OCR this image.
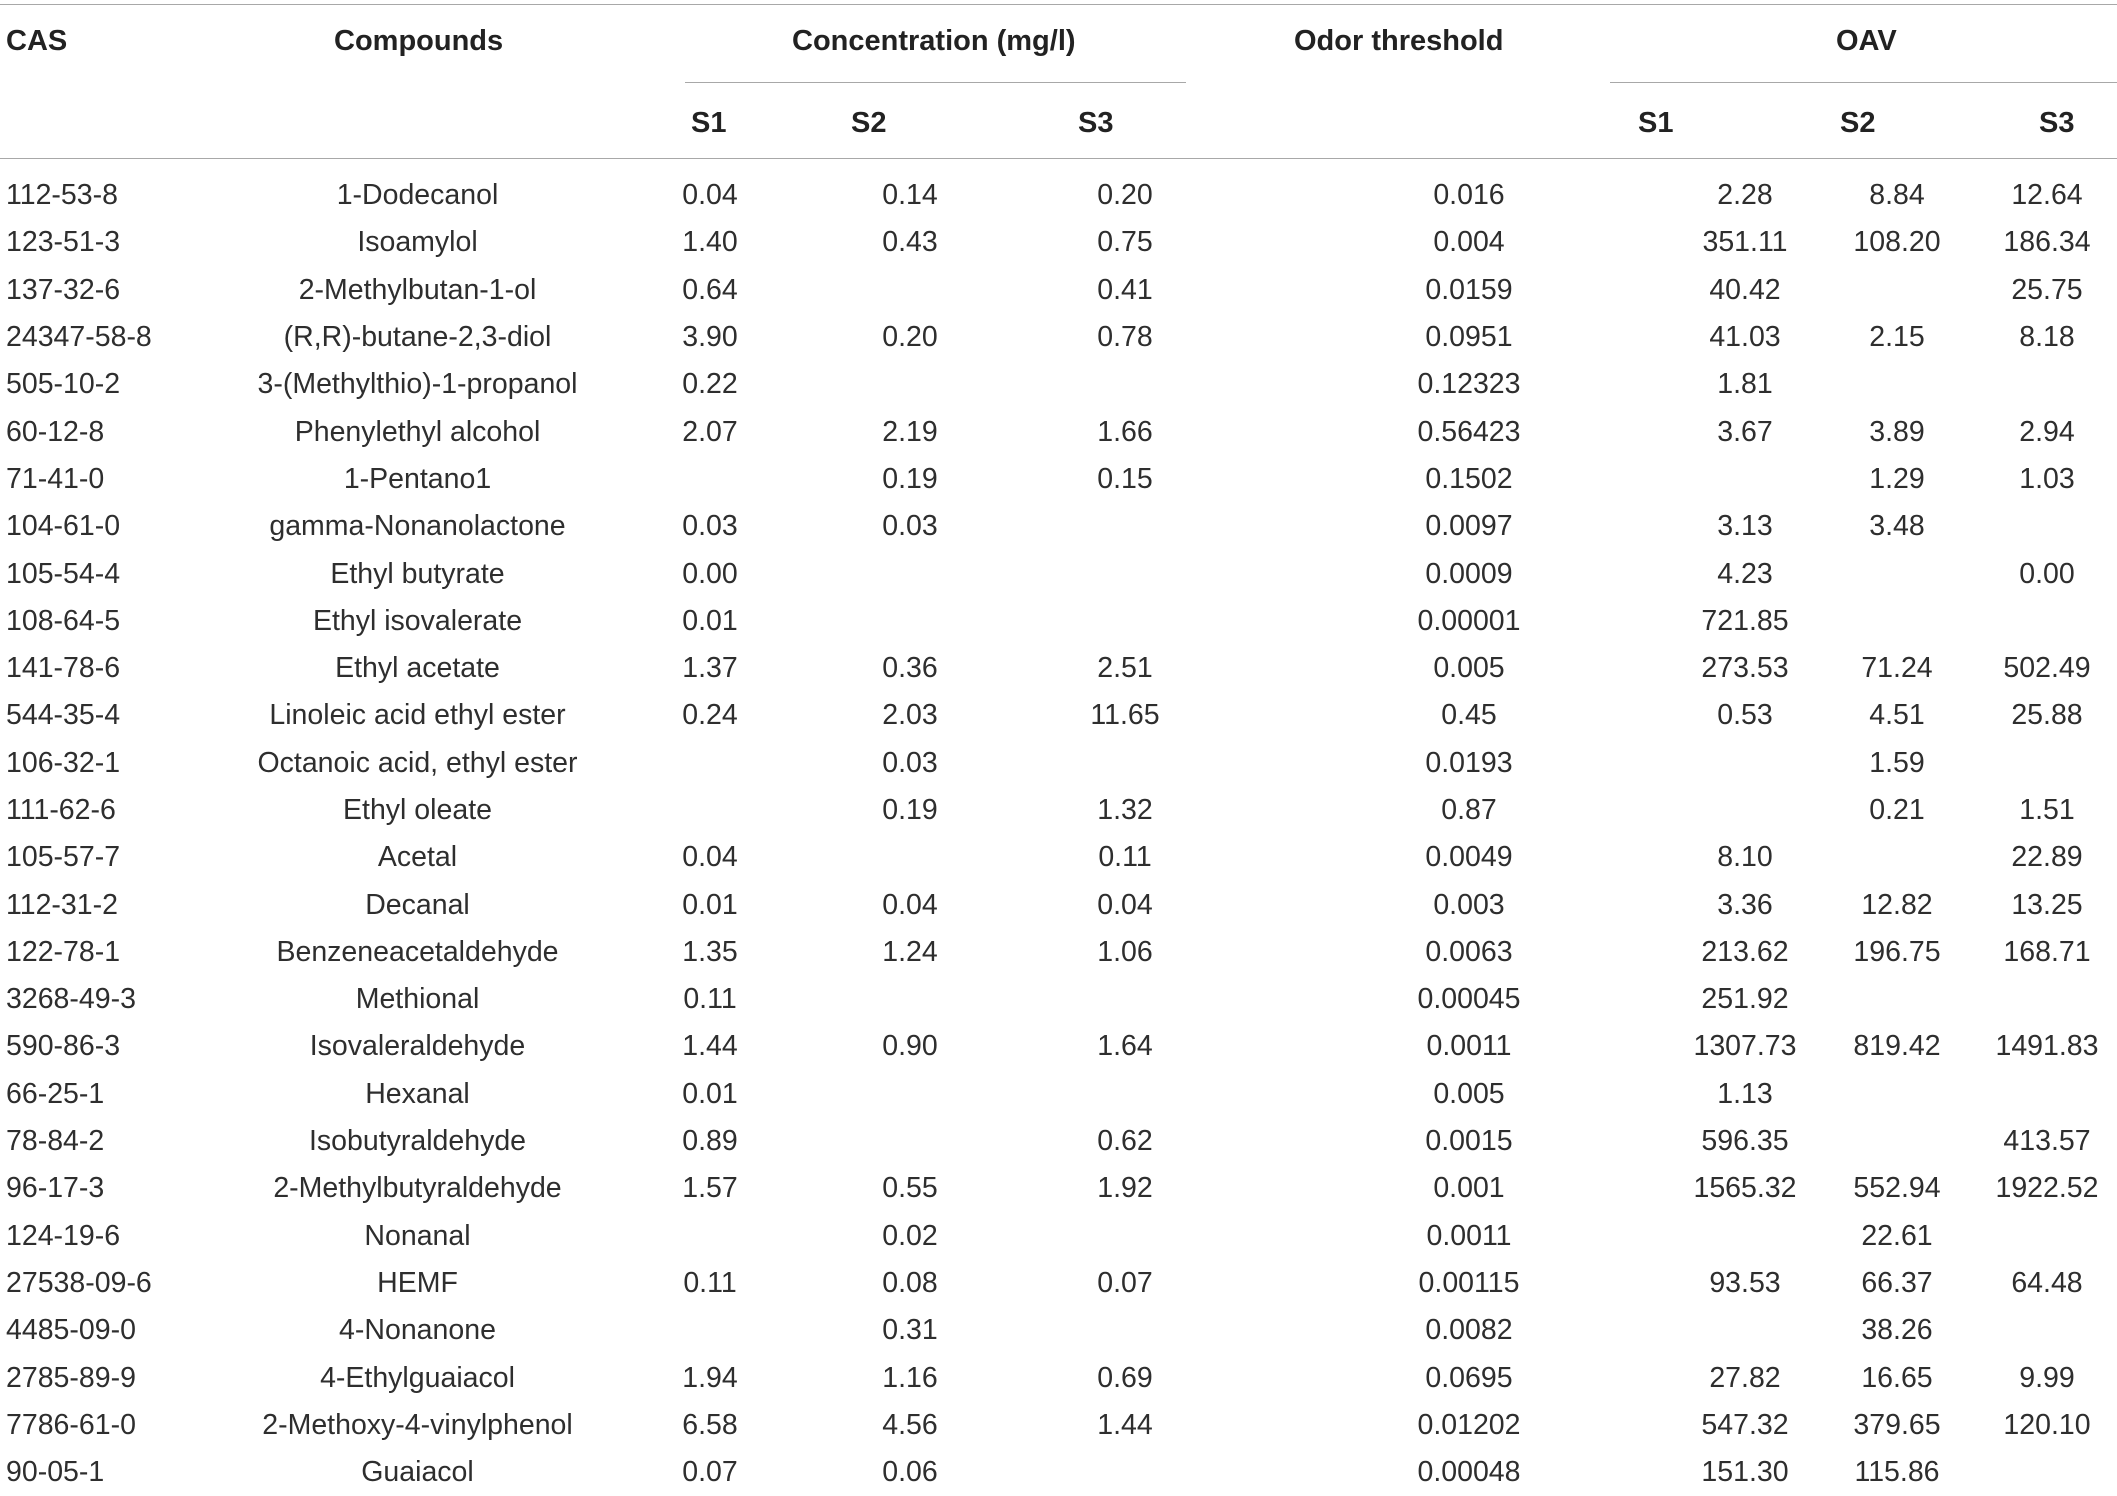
CAS	Compounds	Concentration (mg/l)	Odor threshold	OAV
S1	S2	S3	S1	S2	S3
112-53-8	1-Dodecanol	0.04	0.14	0.20	0.016	2.28	8.84	12.64
123-51-3	Isoamylol	1.40	0.43	0.75	0.004	351.11	108.20	186.34
137-32-6	2-Methylbutan-1-ol	0.64		0.41	0.0159	40.42		25.75
24347-58-8	(R,R)-butane-2,3-diol	3.90	0.20	0.78	0.0951	41.03	2.15	8.18
505-10-2	3-(Methylthio)-1-propanol	0.22			0.12323	1.81		
60-12-8	Phenylethyl alcohol	2.07	2.19	1.66	0.56423	3.67	3.89	2.94
71-41-0	1-Pentano1		0.19	0.15	0.1502		1.29	1.03
104-61-0	gamma-Nonanolactone	0.03	0.03		0.0097	3.13	3.48	
105-54-4	Ethyl butyrate	0.00			0.0009	4.23		0.00
108-64-5	Ethyl isovalerate	0.01			0.00001	721.85		
141-78-6	Ethyl acetate	1.37	0.36	2.51	0.005	273.53	71.24	502.49
544-35-4	Linoleic acid ethyl ester	0.24	2.03	11.65	0.45	0.53	4.51	25.88
106-32-1	Octanoic acid, ethyl ester		0.03		0.0193		1.59	
111-62-6	Ethyl oleate		0.19	1.32	0.87		0.21	1.51
105-57-7	Acetal	0.04		0.11	0.0049	8.10		22.89
112-31-2	Decanal	0.01	0.04	0.04	0.003	3.36	12.82	13.25
122-78-1	Benzeneacetaldehyde	1.35	1.24	1.06	0.0063	213.62	196.75	168.71
3268-49-3	Methional	0.11			0.00045	251.92		
590-86-3	Isovaleraldehyde	1.44	0.90	1.64	0.0011	1307.73	819.42	1491.83
66-25-1	Hexanal	0.01			0.005	1.13		
78-84-2	Isobutyraldehyde	0.89		0.62	0.0015	596.35		413.57
96-17-3	2-Methylbutyraldehyde	1.57	0.55	1.92	0.001	1565.32	552.94	1922.52
124-19-6	Nonanal		0.02		0.0011		22.61	
27538-09-6	HEMF	0.11	0.08	0.07	0.00115	93.53	66.37	64.48
4485-09-0	4-Nonanone		0.31		0.0082		38.26	
2785-89-9	4-Ethylguaiacol	1.94	1.16	0.69	0.0695	27.82	16.65	9.99
7786-61-0	2-Methoxy-4-vinylphenol	6.58	4.56	1.44	0.01202	547.32	379.65	120.10
90-05-1	Guaiacol	0.07	0.06		0.00048	151.30	115.86	
